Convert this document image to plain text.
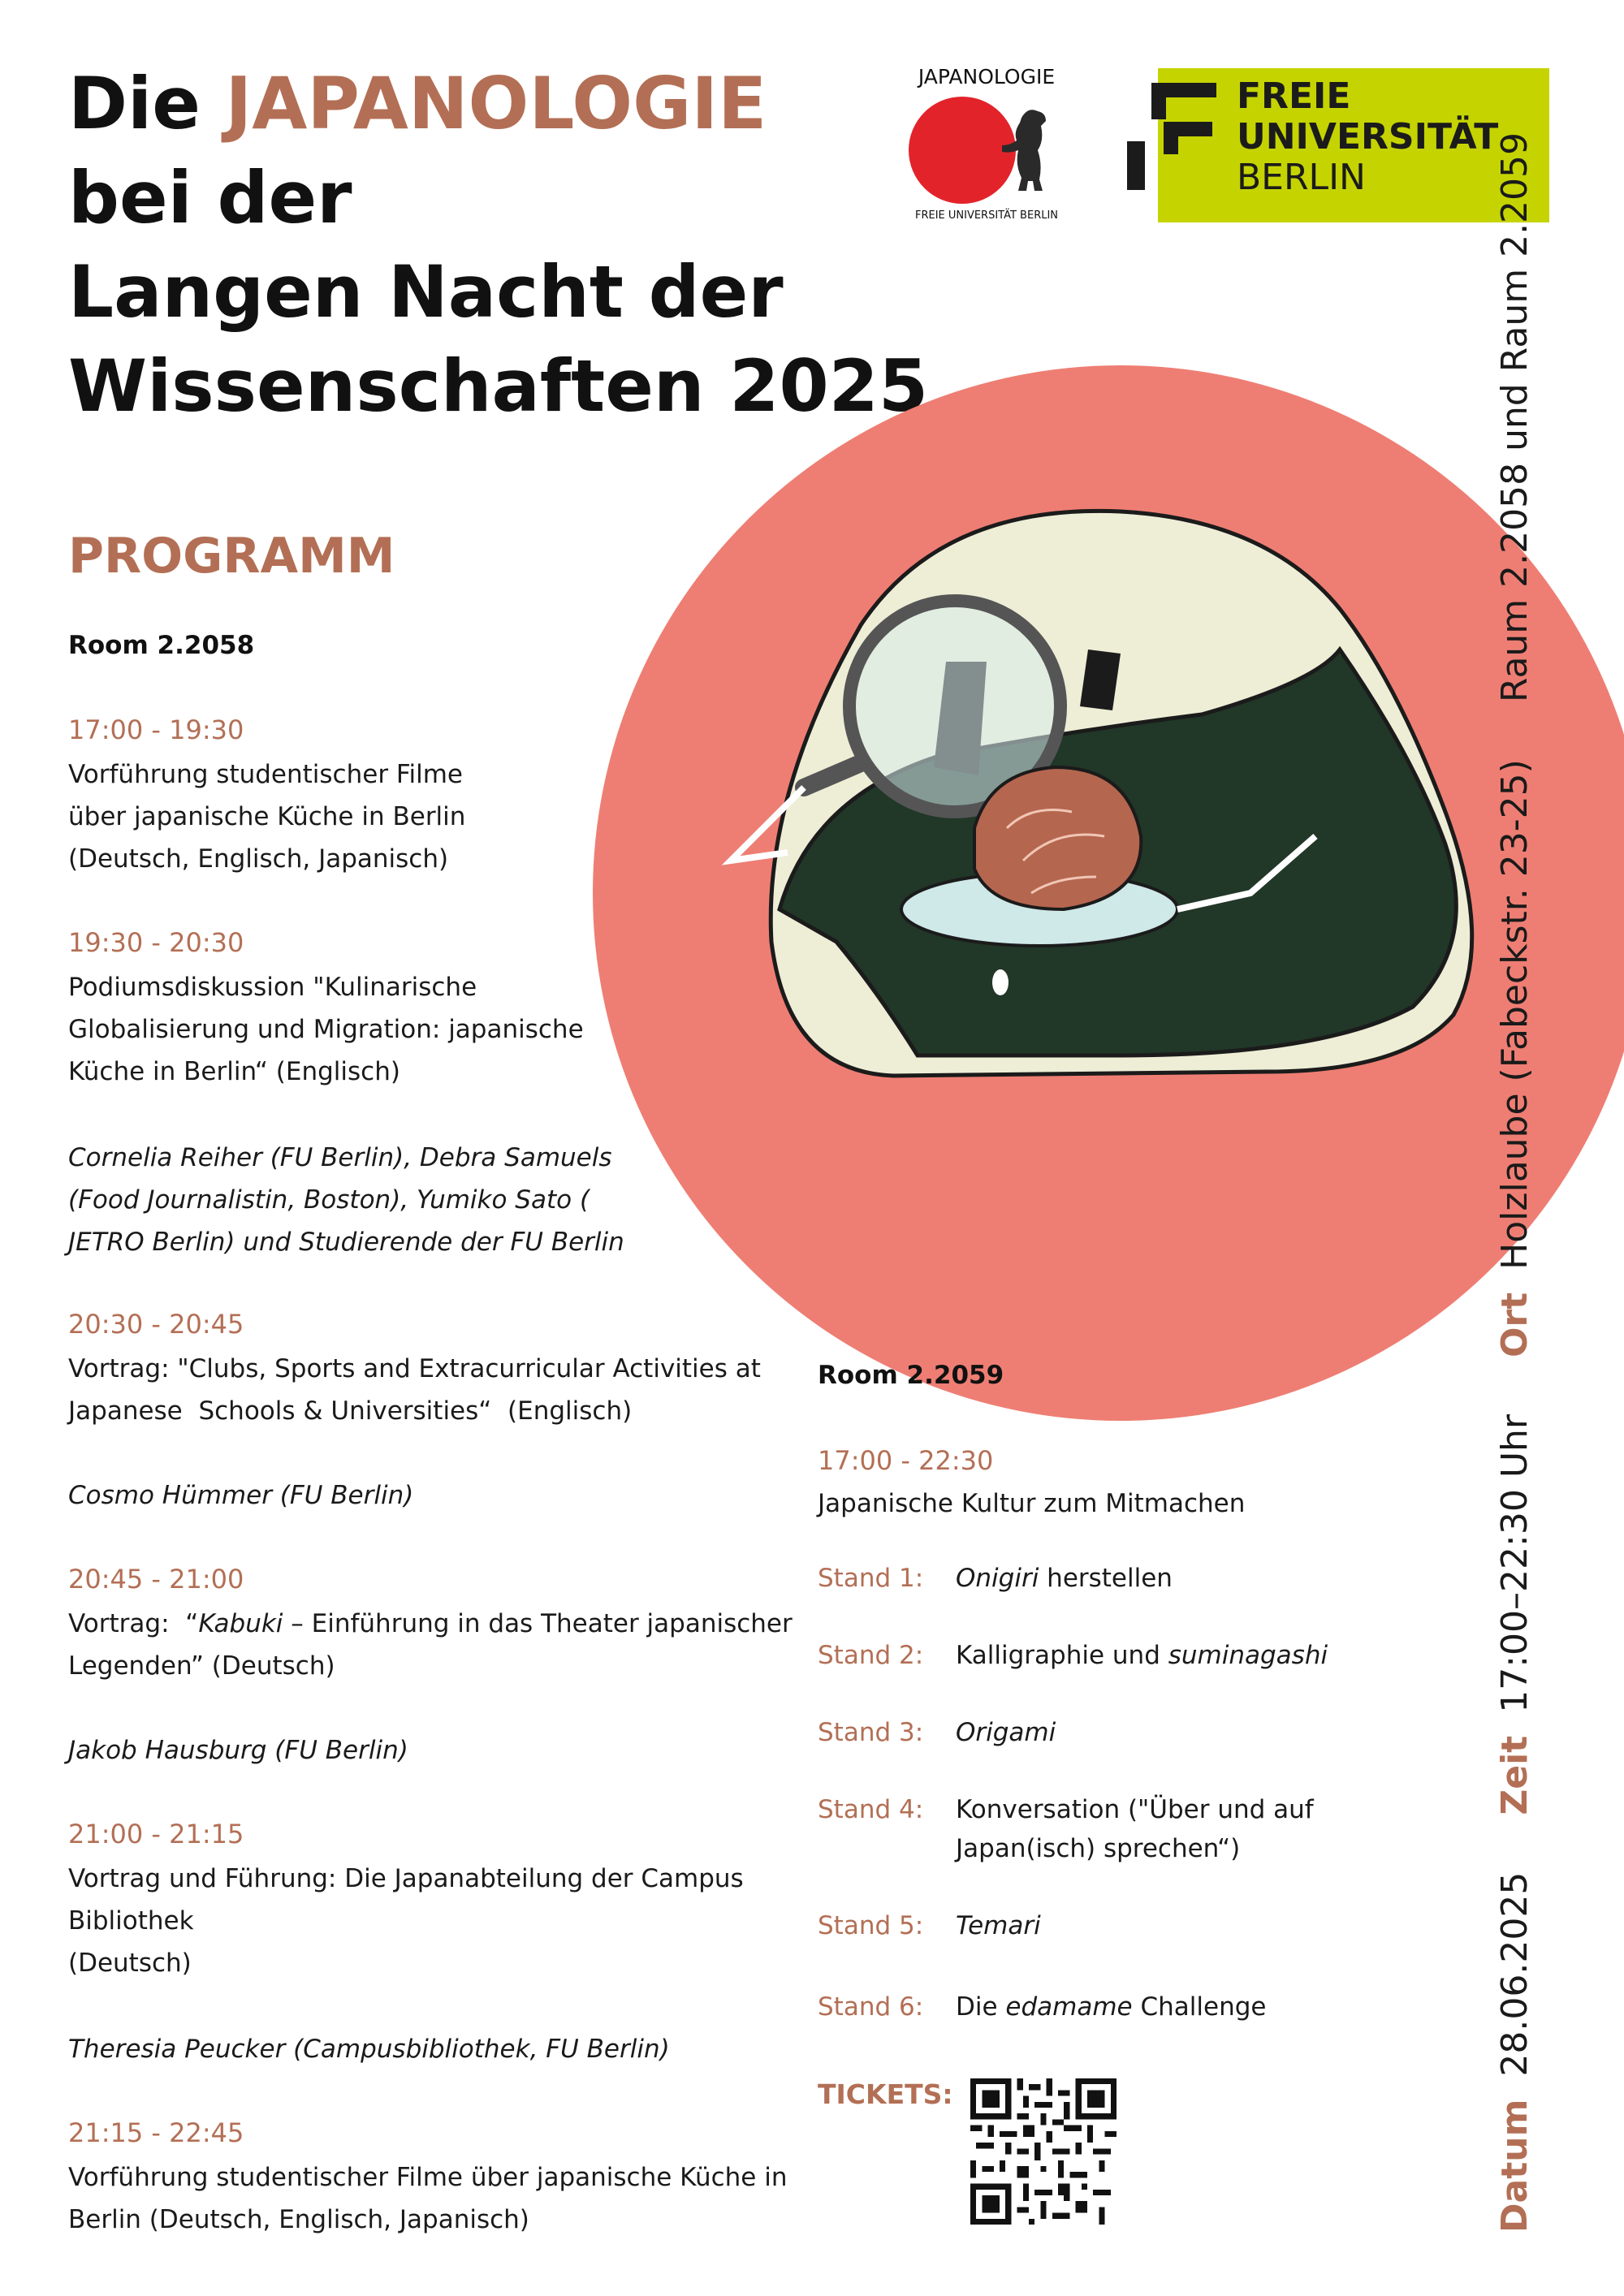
Die JAPANOLOGIE
bei der
Langen Nacht der
Wissenschaften 2025
JAPANOLOGIE
FREIE UNIVERSITÄT BERLIN
FREIE
UNIVERSITÄT
BERLIN
PROGRAMM
Room 2.2058
17:00 - 19:30
Vorführung studentischer Filme
über japanische Küche in Berlin
(Deutsch, Englisch, Japanisch)
19:30 - 20:30
Podiumsdiskussion "Kulinarische
Globalisierung und Migration: japanische
Küche in Berlin“ (Englisch)
Cornelia Reiher (FU Berlin), Debra Samuels
(Food Journalistin, Boston), Yumiko Sato (
JETRO Berlin) und Studierende der FU Berlin
20:30 - 20:45
Vortrag: "Clubs, Sports and Extracurricular Activities at
Japanese  Schools & Universities“  (Englisch)
Cosmo Hümmer (FU Berlin)
20:45 - 21:00
Vortrag:  “Kabuki – Einführung in das Theater japanischer
Legenden” (Deutsch)
Jakob Hausburg (FU Berlin)
21:00 - 21:15
Vortrag und Führung: Die Japanabteilung der Campus
Bibliothek
(Deutsch)
Theresia Peucker (Campusbibliothek, FU Berlin)
21:15 - 22:45
Vorführung studentischer Filme über japanische Küche in
Berlin (Deutsch, Englisch, Japanisch)
Room 2.2059
17:00 - 22:30
Japanische Kultur zum Mitmachen
Stand 1: Onigiri herstellen
Stand 2: Kalligraphie und suminagashi
Stand 3: Origami
Stand 4: Konversation ("Über und auf
Japan(isch) sprechen“)
Stand 5: Temari
Stand 6: Die edamame Challenge
TICKETS:
Datum28.06.2025Zeit17:00–22:30 UhrOrtHolzlaube (Fabeckstr. 23-25)Raum 2.2058 und Raum 2.2059
